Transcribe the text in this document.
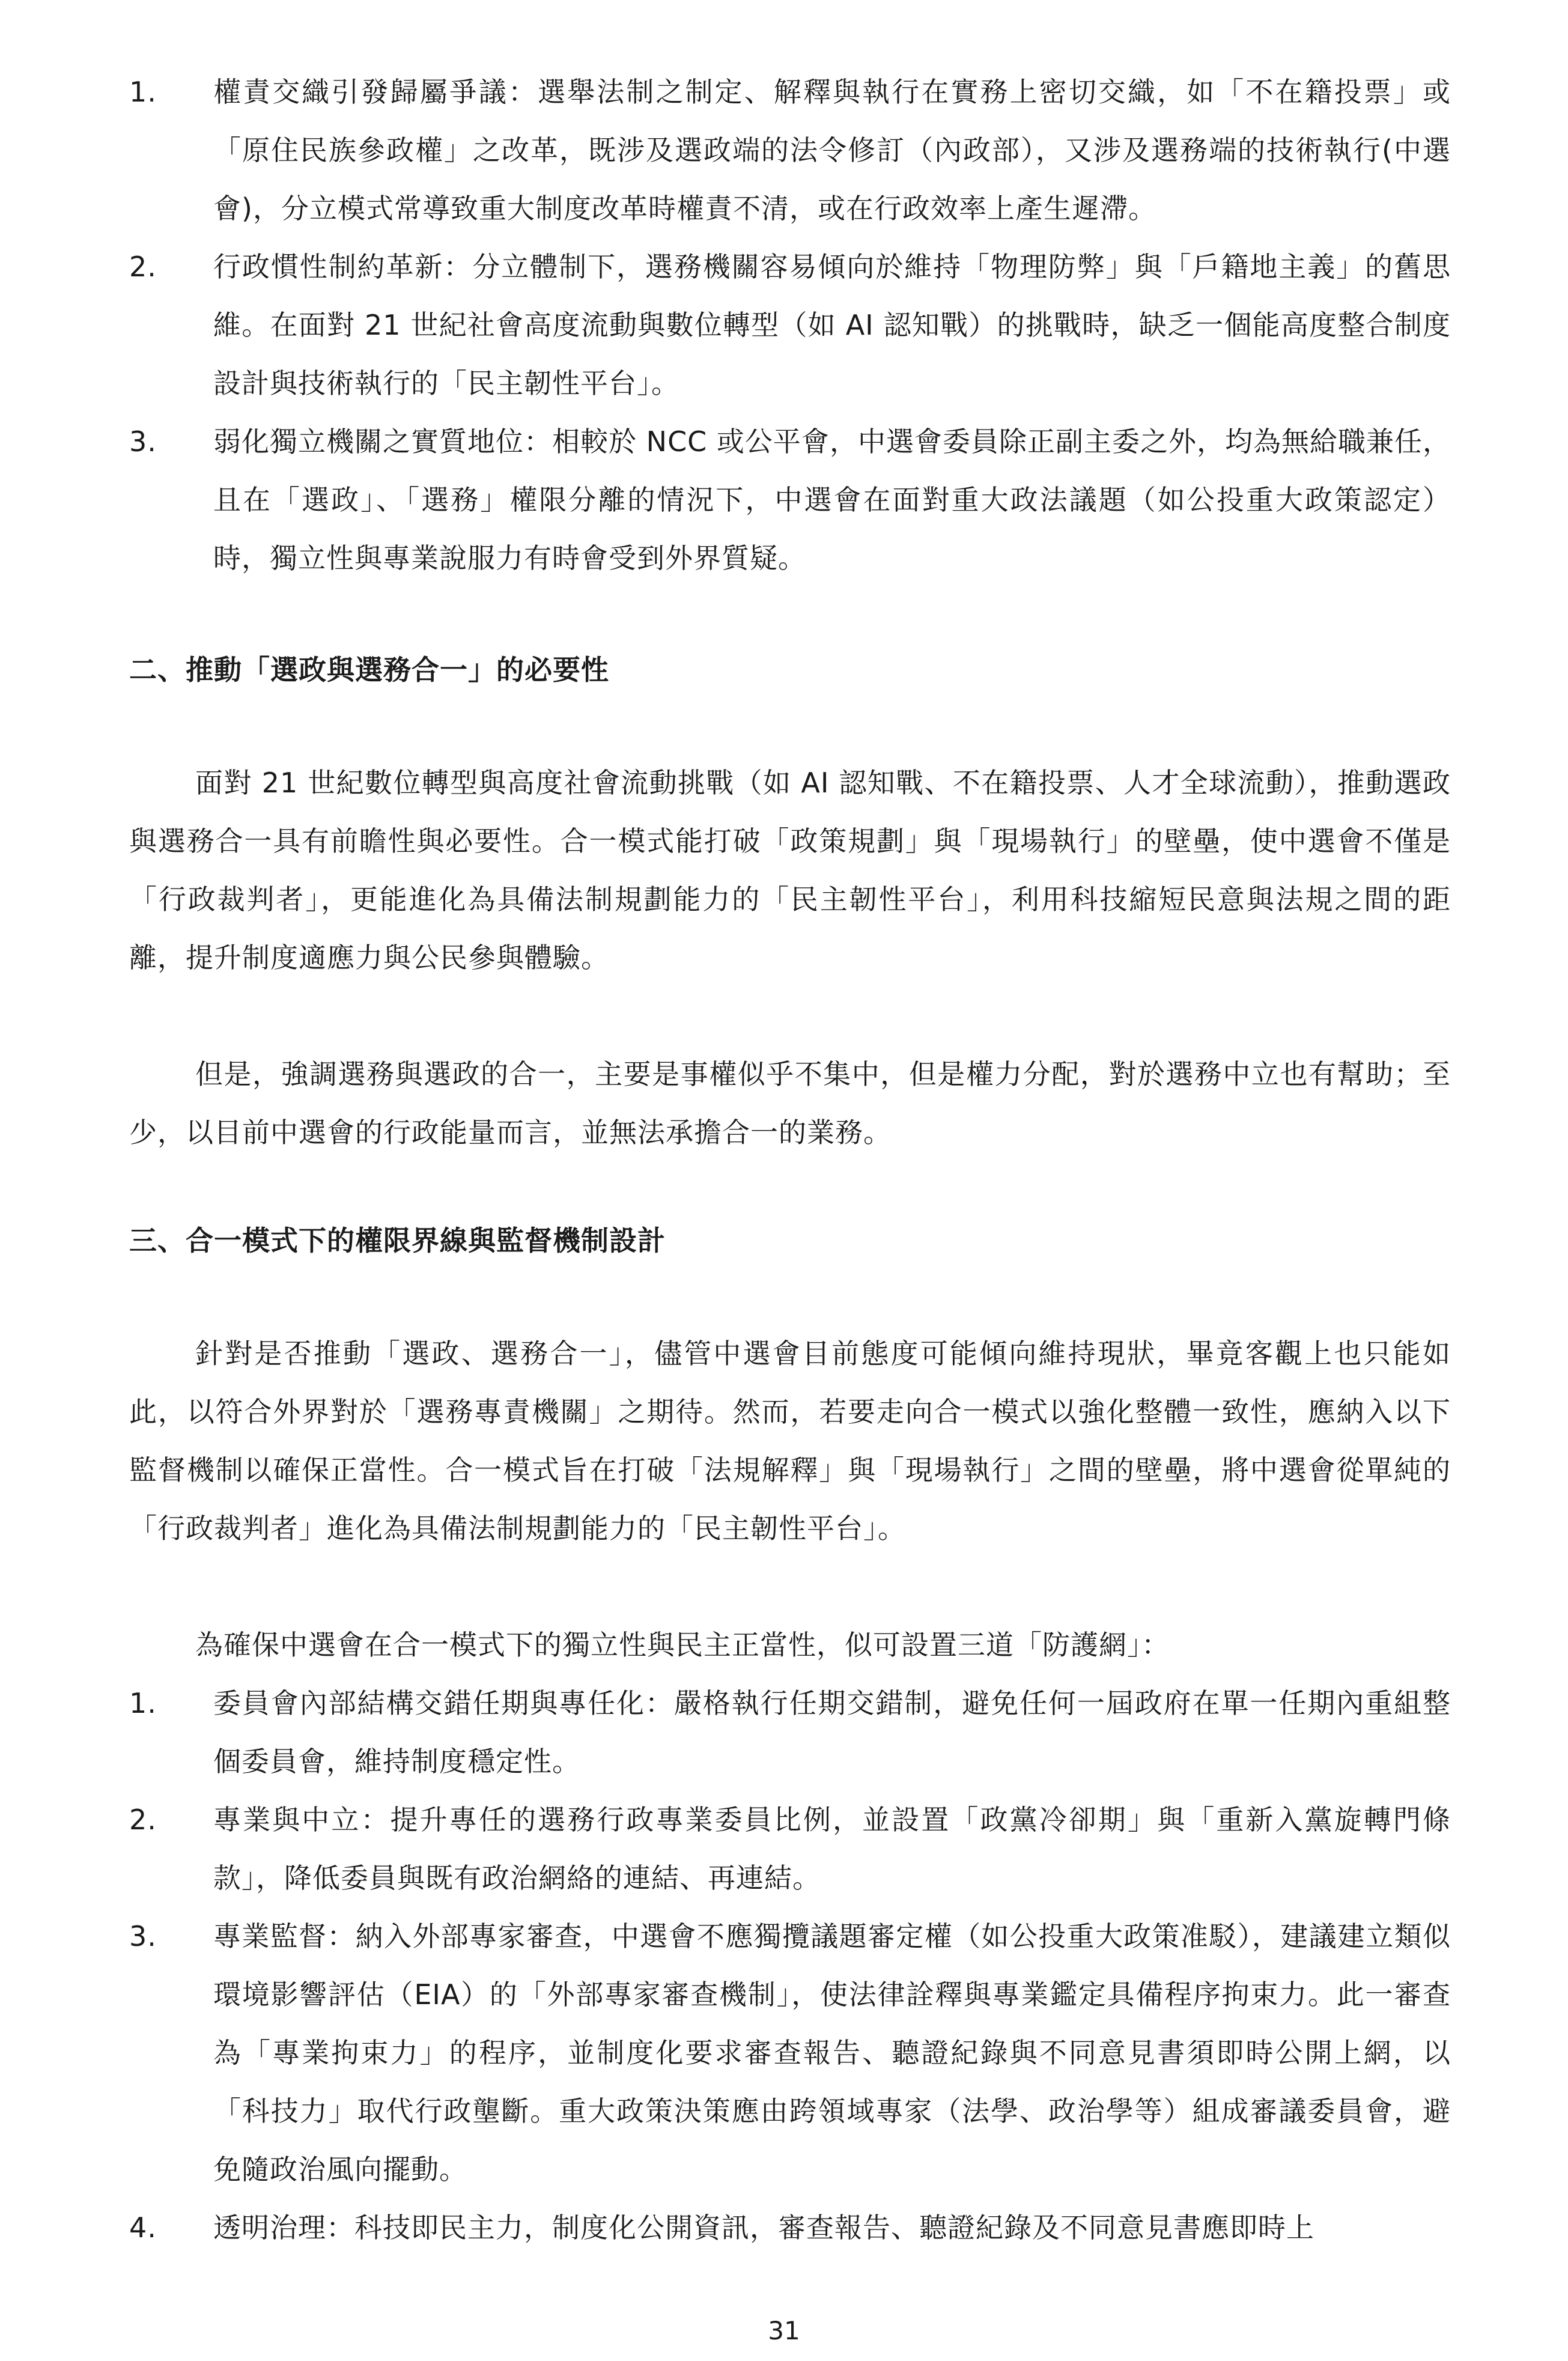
1.	權責交織引發歸屬爭議：選舉法制之制定、解釋與執行在實務上密切交織，如「不在籍投票」或「原住民族參政權」之改革，既涉及選政端的法令修訂（內政部），又涉及選務端的技術執行(中選會)，分立模式常導致重大制度改革時權責不清，或在行政效率上產生遲滯。
2.	行政慣性制約革新：分立體制下，選務機關容易傾向於維持「物理防弊」與「戶籍地主義」的舊思維。在面對 21 世紀社會高度流動與數位轉型（如 AI 認知戰）的挑戰時，缺乏一個能高度整合制度設計與技術執行的「民主韌性平台」。
3.	弱化獨立機關之實質地位：相較於 NCC 或公平會，中選會委員除正副主委之外，均為無給職兼任，且在「選政」、「選務」權限分離的情況下，中選會在面對重大政法議題（如公投重大政策認定）時，獨立性與專業說服力有時會受到外界質疑。
二、推動「選政與選務合一」的必要性
面對 21 世紀數位轉型與高度社會流動挑戰（如 AI 認知戰、不在籍投票、人才全球流動），推動選政與選務合一具有前瞻性與必要性。合一模式能打破「政策規劃」與「現場執行」的壁壘，使中選會不僅是「行政裁判者」，更能進化為具備法制規劃能力的「民主韌性平台」，利用科技縮短民意與法規之間的距離，提升制度適應力與公民參與體驗。
但是，強調選務與選政的合一，主要是事權似乎不集中，但是權力分配，對於選務中立也有幫助；至少，以目前中選會的行政能量而言，並無法承擔合一的業務。
三、合一模式下的權限界線與監督機制設計
針對是否推動「選政、選務合一」，儘管中選會目前態度可能傾向維持現狀，畢竟客觀上也只能如此，以符合外界對於「選務專責機關」之期待。然而，若要走向合一模式以強化整體一致性，應納入以下監督機制以確保正當性。合一模式旨在打破「法規解釋」與「現場執行」之間的壁壘，將中選會從單純的「行政裁判者」進化為具備法制規劃能力的「民主韌性平台」。
為確保中選會在合一模式下的獨立性與民主正當性，似可設置三道「防護網」：
1.	委員會內部結構交錯任期與專任化：嚴格執行任期交錯制，避免任何一屆政府在單一任期內重組整個委員會，維持制度穩定性。
2.	專業與中立：提升專任的選務行政專業委員比例，並設置「政黨冷卻期」與「重新入黨旋轉門條款」，降低委員與既有政治網絡的連結、再連結。
3.	專業監督：納入外部專家審查，中選會不應獨攬議題審定權（如公投重大政策准駁），建議建立類似環境影響評估（EIA）的「外部專家審查機制」，使法律詮釋與專業鑑定具備程序拘束力。此一審查為「專業拘束力」的程序，並制度化要求審查報告、聽證紀錄與不同意見書須即時公開上網，以「科技力」取代行政壟斷。重大政策決策應由跨領域專家（法學、政治學等）組成審議委員會，避免隨政治風向擺動。
4.	透明治理：科技即民主力，制度化公開資訊，審查報告、聽證紀錄及不同意見書應即時上
31
